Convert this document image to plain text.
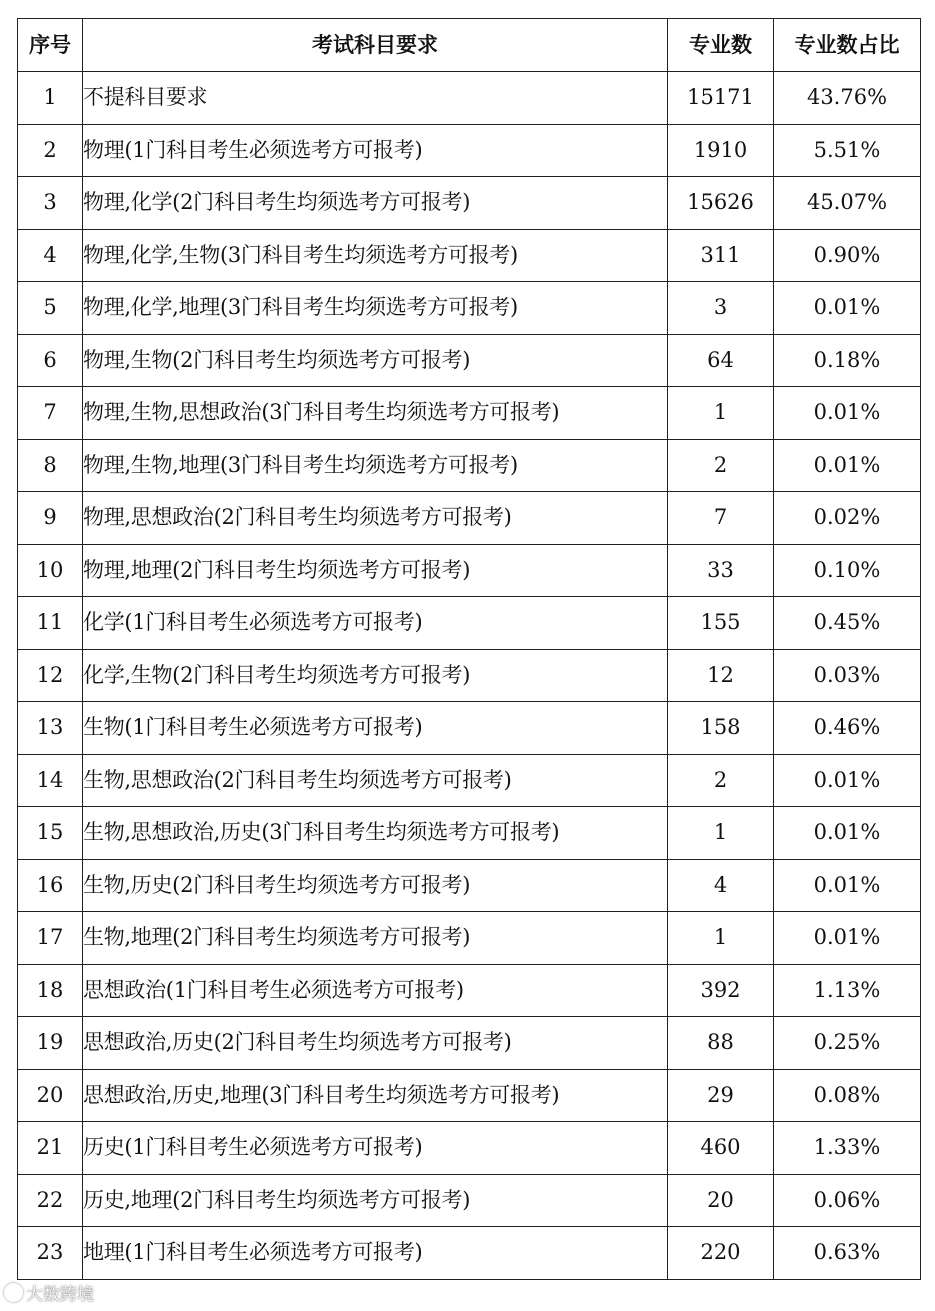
序号	考试科目要求	专业数	专业数占比
1	不提科目要求	15171	43.76%
2	物理(1门科目考生必须选考方可报考)	1910	5.51%
3	物理,化学(2门科目考生均须选考方可报考)	15626	45.07%
4	物理,化学,生物(3门科目考生均须选考方可报考)	311	0.90%
5	物理,化学,地理(3门科目考生均须选考方可报考)	3	0.01%
6	物理,生物(2门科目考生均须选考方可报考)	64	0.18%
7	物理,生物,思想政治(3门科目考生均须选考方可报考)	1	0.01%
8	物理,生物,地理(3门科目考生均须选考方可报考)	2	0.01%
9	物理,思想政治(2门科目考生均须选考方可报考)	7	0.02%
10	物理,地理(2门科目考生均须选考方可报考)	33	0.10%
11	化学(1门科目考生必须选考方可报考)	155	0.45%
12	化学,生物(2门科目考生均须选考方可报考)	12	0.03%
13	生物(1门科目考生必须选考方可报考)	158	0.46%
14	生物,思想政治(2门科目考生均须选考方可报考)	2	0.01%
15	生物,思想政治,历史(3门科目考生均须选考方可报考)	1	0.01%
16	生物,历史(2门科目考生均须选考方可报考)	4	0.01%
17	生物,地理(2门科目考生均须选考方可报考)	1	0.01%
18	思想政治(1门科目考生必须选考方可报考)	392	1.13%
19	思想政治,历史(2门科目考生均须选考方可报考)	88	0.25%
20	思想政治,历史,地理(3门科目考生均须选考方可报考)	29	0.08%
21	历史(1门科目考生必须选考方可报考)	460	1.33%
22	历史,地理(2门科目考生均须选考方可报考)	20	0.06%
23	地理(1门科目考生必须选考方可报考)	220	0.63%
大数跨境
